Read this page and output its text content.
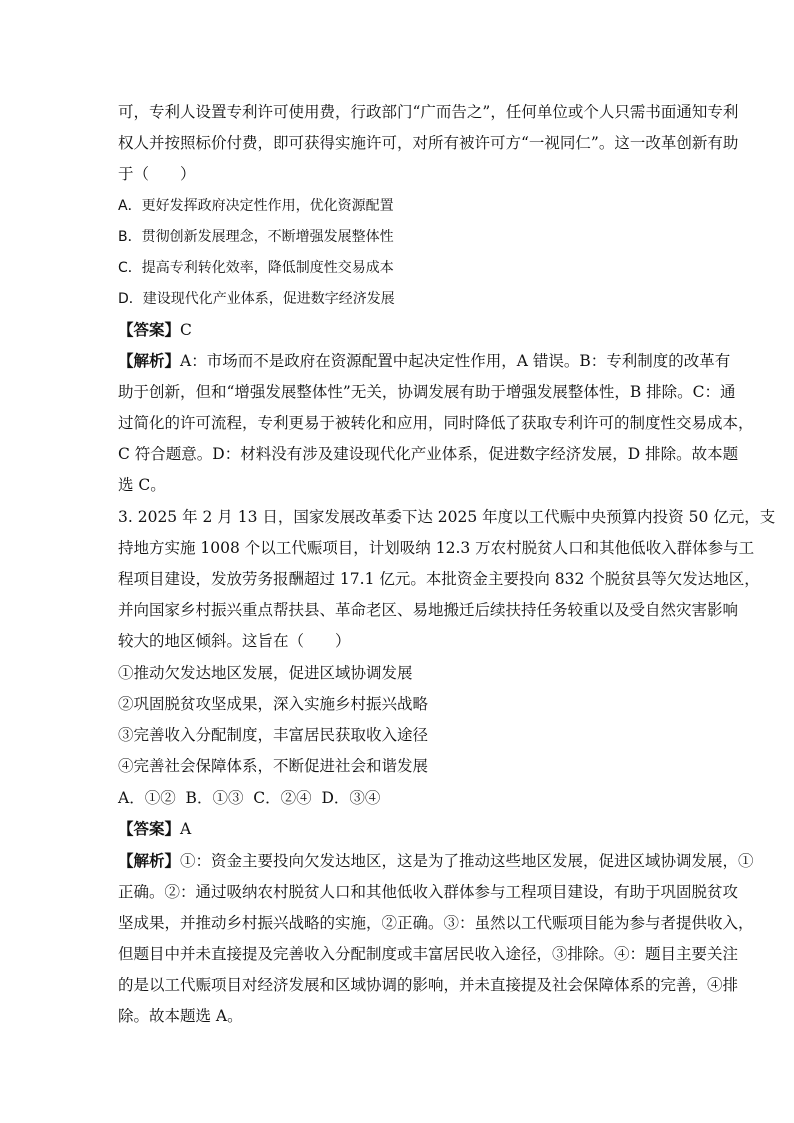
可，专利人设置专利许可使用费，行政部门“广而告之”，任何单位或个人只需书面通知专利
权人并按照标价付费，即可获得实施许可，对所有被许可方“一视同仁”。这一改革创新有助
于（　　）
A．更好发挥政府决定性作用，优化资源配置
B．贯彻创新发展理念，不断增强发展整体性
C．提高专利转化效率，降低制度性交易成本
D．建设现代化产业体系，促进数字经济发展
【答案】C
【解析】A：市场而不是政府在资源配置中起决定性作用，A 错误。B：专利制度的改革有
助于创新，但和“增强发展整体性”无关，协调发展有助于增强发展整体性，B 排除。C：通
过简化的许可流程，专利更易于被转化和应用，同时降低了获取专利许可的制度性交易成本，
C 符合题意。D：材料没有涉及建设现代化产业体系，促进数字经济发展，D 排除。故本题
选 C。
3. 2025 年 2 月 13 日，国家发展改革委下达 2025 年度以工代赈中央预算内投资 50 亿元，支
持地方实施 1008 个以工代赈项目，计划吸纳 12.3 万农村脱贫人口和其他低收入群体参与工
程项目建设，发放劳务报酬超过 17.1 亿元。本批资金主要投向 832 个脱贫县等欠发达地区，
并向国家乡村振兴重点帮扶县、革命老区、易地搬迁后续扶持任务较重以及受自然灾害影响
较大的地区倾斜。这旨在（　　）
①推动欠发达地区发展，促进区域协调发展
②巩固脱贫攻坚成果，深入实施乡村振兴战略
③完善收入分配制度，丰富居民获取收入途径
④完善社会保障体系，不断促进社会和谐发展
A．①②  B．①③  C．②④  D．③④
【答案】A
【解析】①：资金主要投向欠发达地区，这是为了推动这些地区发展，促进区域协调发展，①
正确。②：通过吸纳农村脱贫人口和其他低收入群体参与工程项目建设，有助于巩固脱贫攻
坚成果，并推动乡村振兴战略的实施，②正确。③：虽然以工代赈项目能为参与者提供收入，
但题目中并未直接提及完善收入分配制度或丰富居民收入途径，③排除。④：题目主要关注
的是以工代赈项目对经济发展和区域协调的影响，并未直接提及社会保障体系的完善，④排
除。故本题选 A。
